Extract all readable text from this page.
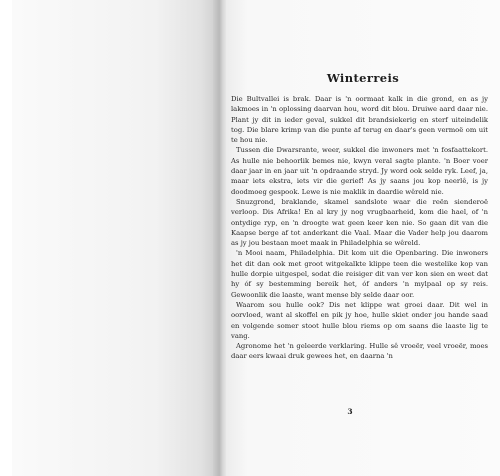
Winterreis

Die Bultvallei is brak. Daar is 'n oormaat kalk in die grond, en as jy lakmoes in 'n oplossing daarvan hou, word dit blou. Druiwe aard daar nie. Plant jy dit in ieder geval, sukkel dit brandsiekerig en sterf uiteindelik tog. Die blare krimp van die punte af terug en daar's geen vermoë om uit te hou nie.

Tussen die Dwarsrante, weer, sukkel die inwoners met 'n fosfaattekort. As hulle nie behoorlik bemes nie, kwyn veral sagte plante. 'n Boer voer daar jaar in en jaar uit 'n opdraande stryd. Jy word ook selde ryk. Leef, ja, maar iets ekstra, iets vir die gerief! As jy saans jou kop neerlê, is jy doodmoeg gespook. Lewe is nie maklik in daardie wêreld nie.

Snuzgrond, braklande, skamel sandslote waar die reën sienderoë verloop. Dis Afrika! En al kry jy nog vrugbaarheid, kom die hael, of 'n ontydige ryp, en 'n droogte wat geen keer ken nie. So gaan dit van die Kaapse berge af tot anderkant die Vaal. Maar die Vader help jou daarom as jy jou bestaan moet maak in Philadelphia se wêreld.

'n Mooi naam, Philadelphia. Dit kom uit die Openbaring. Die inwoners het dit dan ook met groot witgekalkte klippe teen die westelike kop van hulle dorpie uitgespel, sodat die reisiger dit van ver kon sien en weet dat hy óf sy bestemming bereik het, óf anders 'n mylpaal op sy reis. Gewoonlik die laaste, want mense bly selde daar oor.

Waarom sou hulle ook? Dis net klippe wat groei daar. Dit wel in oorvloed, want al skoffel en pik jy hoe, hulle skiet onder jou hande saad en volgende somer stoot hulle blou riems op om saans die laaste lig te vang.

Agronome het 'n geleerde verklaring. Hulle sê vroeër, veel vroeër, moes daar eers kwaai druk gewees het, en daarna 'n

3
